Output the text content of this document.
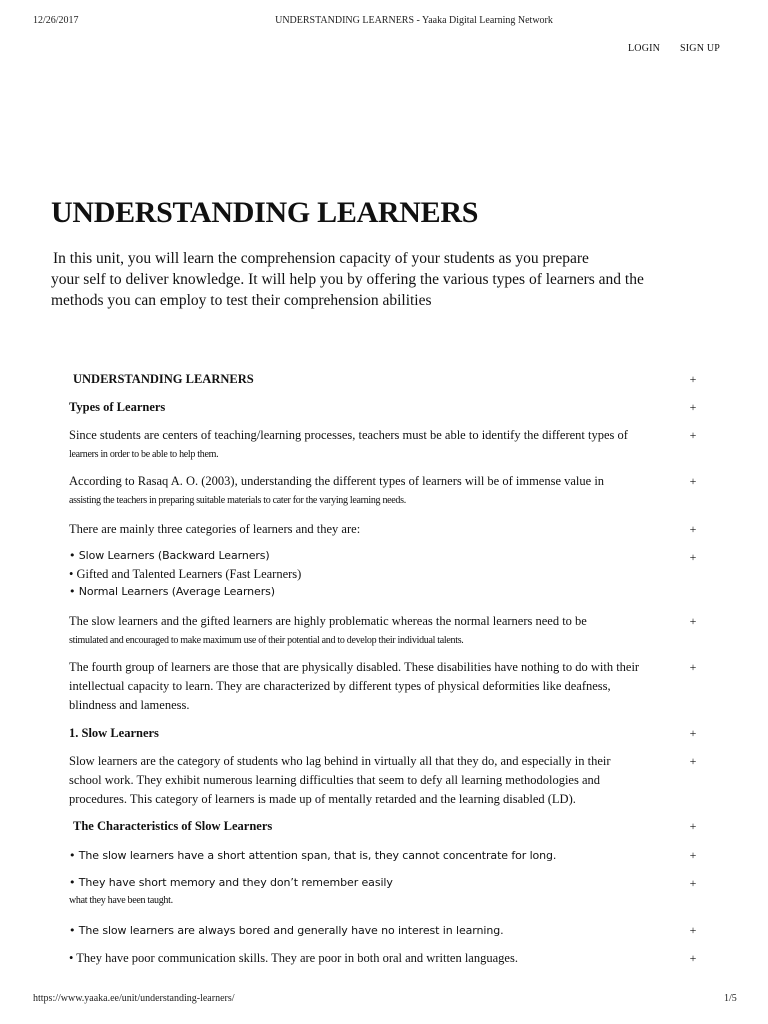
12/26/2017	UNDERSTANDING LEARNERS - Yaaka Digital Learning Network
LOGIN SIGN UP
UNDERSTANDING LEARNERS
In this unit, you will learn the comprehension capacity of your students as you prepare
your self to deliver knowledge. It will help you by offering the various types of learners and the
methods you can employ to test their comprehension abilities
UNDERSTANDING LEARNERS	+
Types of Learners	+
Since students are centers of teaching/learning processes, teachers must be able to identify the different types of
learners in order to be able to help them.
+
According to Rasaq A. O. (2003), understanding the different types of learners will be of immense value in
assisting the teachers in preparing suitable materials to cater for the varying learning needs.
+
There are mainly three categories of learners and they are:	+
• Slow Learners (Backward Learners)
• Gifted and Talented Learners (Fast Learners)
• Normal Learners (Average Learners)
+
The slow learners and the gifted learners are highly problematic whereas the normal learners need to be
stimulated and encouraged to make maximum use of their potential and to develop their individual talents.
+
The fourth group of learners are those that are physically disabled. These disabilities have nothing to do with their
intellectual capacity to learn. They are characterized by different types of physical deformities like deafness,
blindness and lameness.
+
1. Slow Learners	+
Slow learners are the category of students who lag behind in virtually all that they do, and especially in their
school work. They exhibit numerous learning difficulties that seem to defy all learning methodologies and
procedures. This category of learners is made up of mentally retarded and the learning disabled (LD).
+
The Characteristics of Slow Learners	+
• The slow learners have a short attention span, that is, they cannot concentrate for long.	+
• They have short memory and they don’t remember easily
what they have been taught.
+
• The slow learners are always bored and generally have no interest in learning.	+
• They have poor communication skills. They are poor in both oral and written languages.	+
https://www.yaaka.ee/unit/understanding-learners/	1/5
